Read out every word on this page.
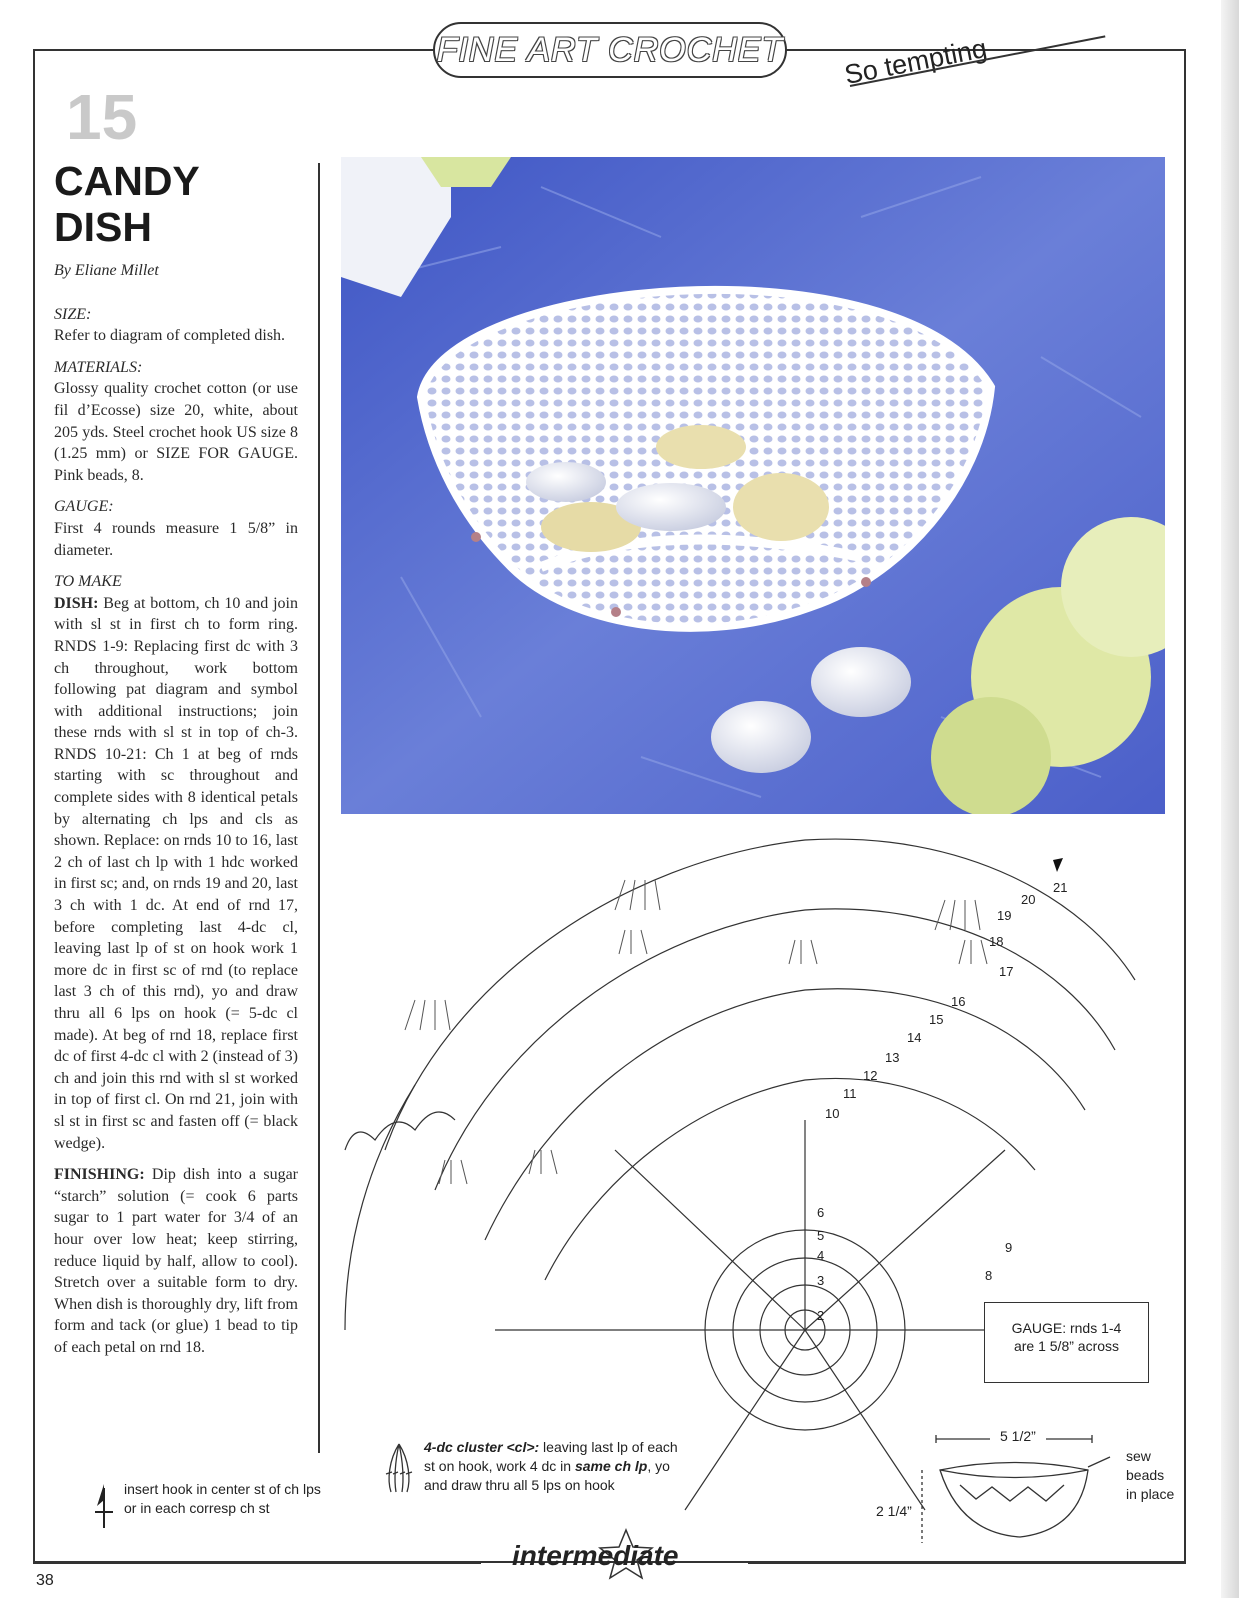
FINE ART CROCHET So tempting
15
CANDY
DISH

By Eliane Millet

SIZE:

Refer to diagram of completed dish.

MATERIALS:

Glossy quality crochet cotton (or use fil d’Ecosse) size 20, white, about 205 yds. Steel crochet hook US size 8 (1.25 mm) or SIZE FOR GAUGE. Pink beads, 8.

GAUGE:

First 4 rounds measure 1 5/8” in diameter.

TO MAKE

DISH: Beg at bottom, ch 10 and join with sl st in first ch to form ring. RNDS 1-9: Replacing first dc with 3 ch throughout, work bottom following pat diagram and symbol with additional instructions; join these rnds with sl st in top of ch-3. RNDS 10-21: Ch 1 at beg of rnds starting with sc throughout and complete sides with 8 identical petals by alternating ch lps and cls as shown. Replace: on rnds 10 to 16, last 2 ch of last ch lp with 1 hdc worked in first sc; and, on rnds 19 and 20, last 3 ch with 1 dc. At end of rnd 17, before completing last 4-dc cl, leaving last lp of st on hook work 1 more dc in first sc of rnd (to replace last 3 ch of this rnd), yo and draw thru all 6 lps on hook (= 5-dc cl made). At beg of rnd 18, replace first dc of first 4-dc cl with 2 (instead of 3) ch and join this rnd with sl st worked in top of first cl. On rnd 21, join with sl st in first sc and fasten off (= black wedge).

FINISHING: Dip dish into a sugar “starch” solution (= cook 6 parts sugar to 1 part water for 3/4 of an hour over low heat; keep stirring, reduce liquid by half, allow to cool). Stretch over a suitable form to dry. When dish is thoroughly dry, lift from form and tack (or glue) 1 bead to tip of each petal on rnd 18.

2
3
4
5
6
8
9
10
11
12
13
14
15
16
17
18
19
20
21
GAUGE: rnds 1-4
are 1 5/8” across
4-dc cluster <cl>: leaving last lp of each st on hook, work 4 dc in same ch lp, yo and draw thru all 5 lps on hook
insert hook in center st of ch lps or in each corresp ch st
5 1/2”
2 1/4”
sew
beads
in place
intermediate
38
